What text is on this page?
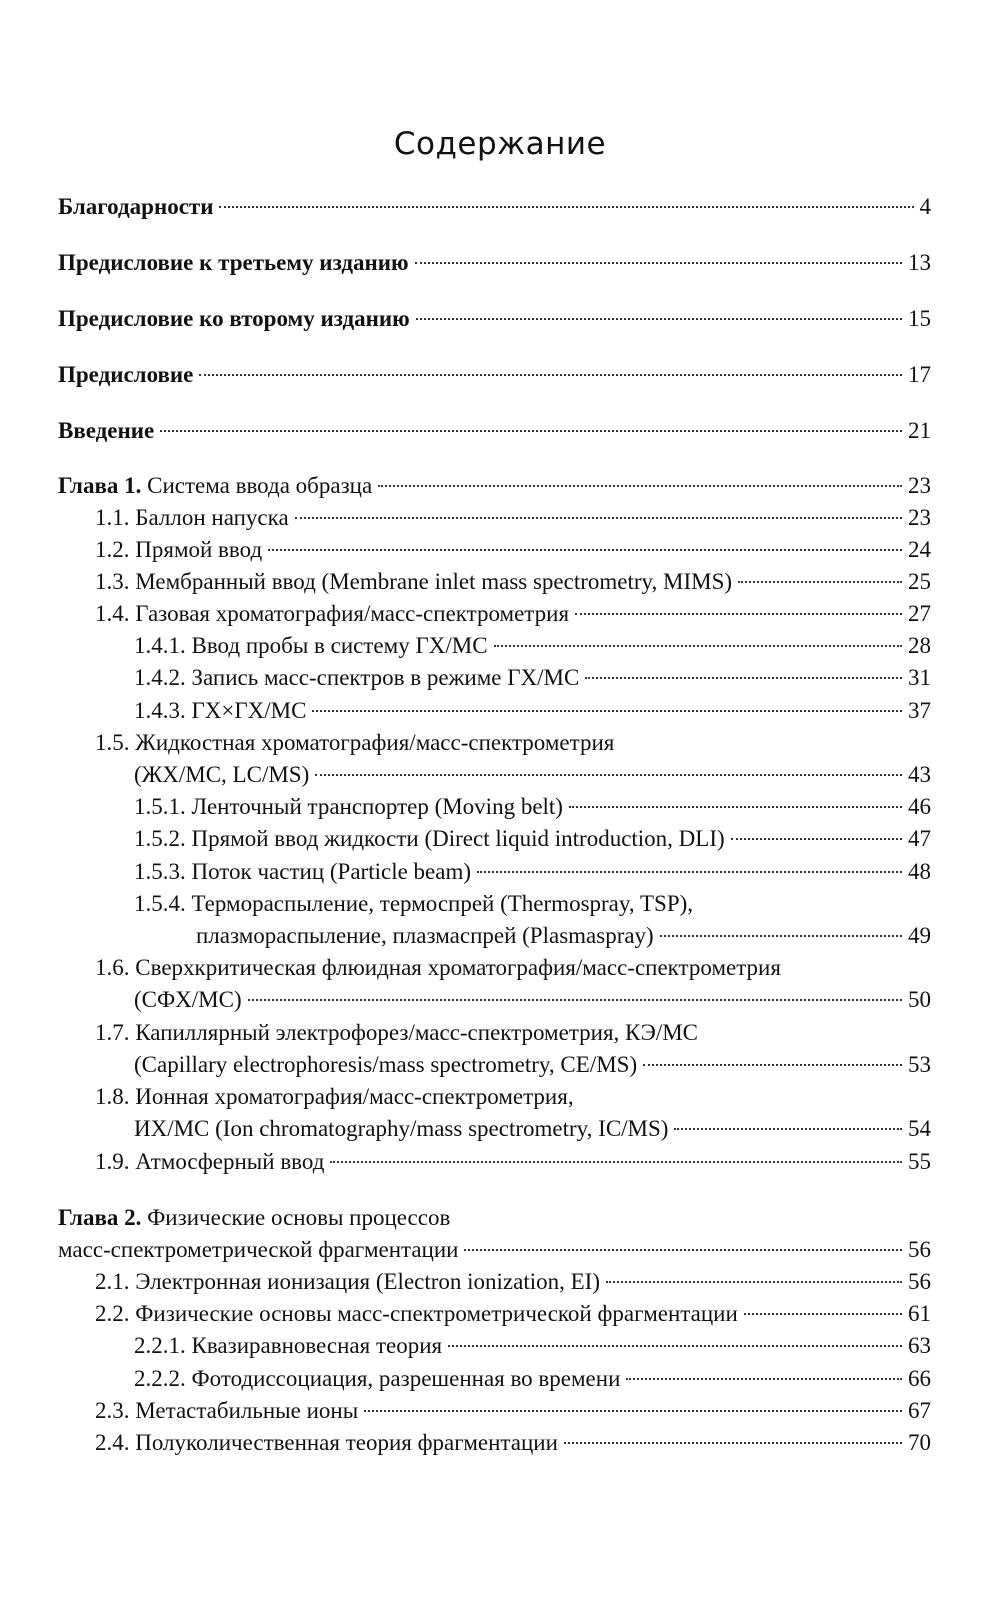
Содержание
Благодарности	4
Предисловие к третьему изданию	13
Предисловие ко второму изданию	15
Предисловие	17
Введение	21
Глава 1. Система ввода образца	23
1.1. Баллон напуска	23
1.2. Прямой ввод	24
1.3. Мембранный ввод (Membrane inlet mass spectrometry, MIMS)	25
1.4. Газовая хроматография/масс-спектрометрия	27
1.4.1. Ввод пробы в систему ГХ/МС	28
1.4.2. Запись масс-спектров в режиме ГХ/МС	31
1.4.3. ГХ×ГХ/МС	37
1.5. Жидкостная хроматография/масс-спектрометрия
(ЖХ/МС, LC/MS)	43
1.5.1. Ленточный транспортер (Moving belt)	46
1.5.2. Прямой ввод жидкости (Direct liquid introduction, DLI)	47
1.5.3. Поток частиц (Particle beam)	48
1.5.4. Термораспыление, термоспрей (Thermospray, TSP),
плазмораспыление, плазмаспрей (Plasmaspray)	49
1.6. Сверхкритическая флюидная хроматография/масс-спектрометрия
(СФХ/МС)	50
1.7. Капиллярный электрофорез/масс-спектрометрия, КЭ/МС
(Capillary electrophoresis/mass spectrometry, CE/MS)	53
1.8. Ионная хроматография/масс-спектрометрия,
ИХ/МС (Ion chromatography/mass spectrometry, IC/MS)	54
1.9. Атмосферный ввод	55
Глава 2. Физические основы процессов
масс-спектрометрической фрагментации	56
2.1. Электронная ионизация (Electron ionization, EI)	56
2.2. Физические основы масс-спектрометрической фрагментации	61
2.2.1. Квазиравновесная теория	63
2.2.2. Фотодиссоциация, разрешенная во времени	66
2.3. Метастабильные ионы	67
2.4. Полуколичественная теория фрагментации	70
